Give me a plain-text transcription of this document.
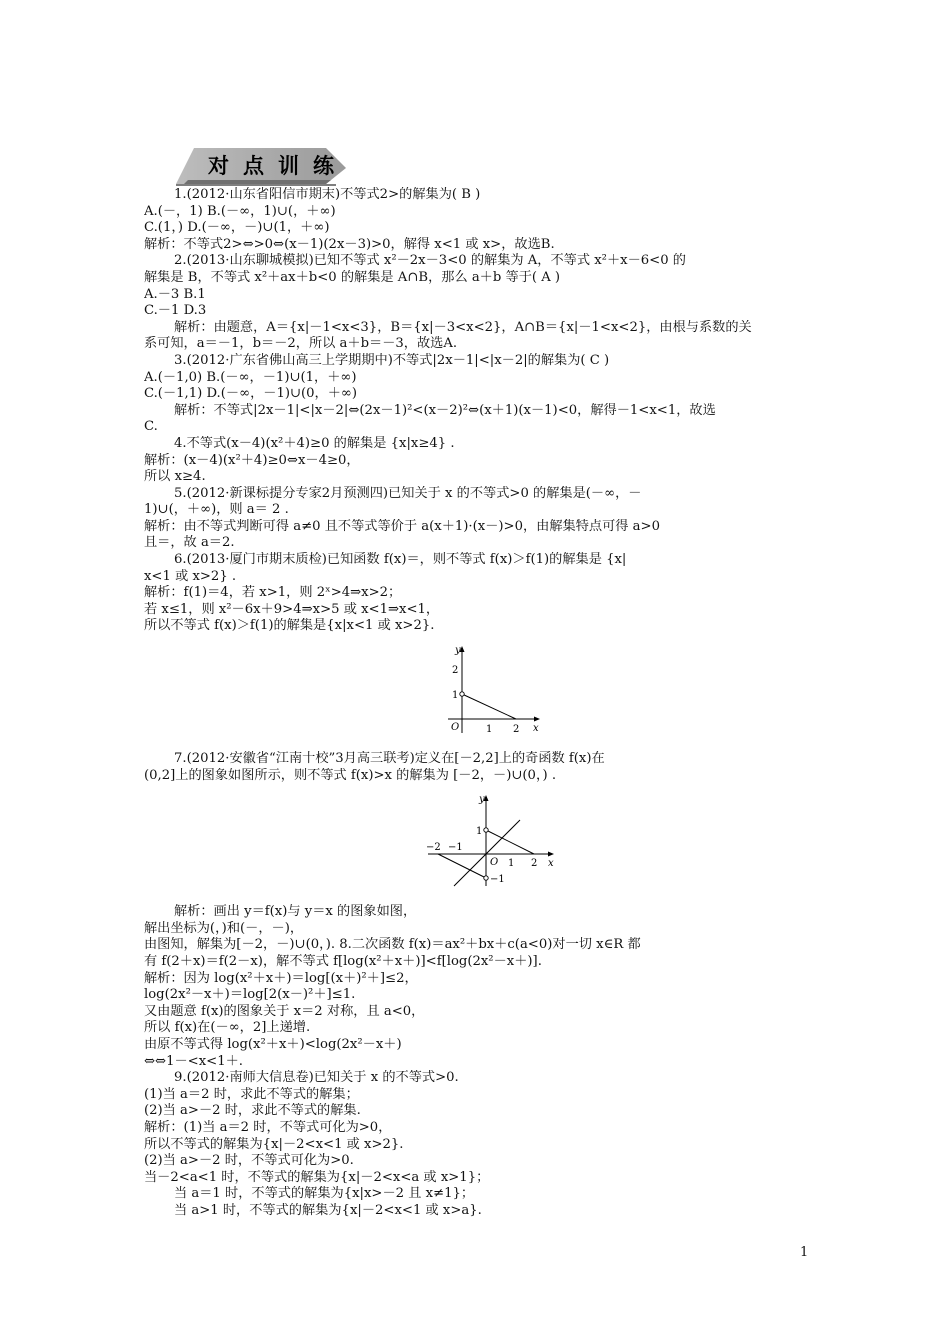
对点训练

1.(2012·山东省阳信市期末)不等式2>的解集为( B )

A.(－，1) B.(－∞，1)∪(，＋∞)

C.(1，) D.(－∞，－)∪(1，＋∞)

解析：不等式2>⇔>0⇔(x－1)(2x－3)>0，解得 x<1 或 x>，故选B.

2.(2013·山东聊城模拟)已知不等式 x²－2x－3<0 的解集为 A，不等式 x²＋x－6<0 的

解集是 B，不等式 x²＋ax＋b<0 的解集是 A∩B，那么 a＋b 等于( A )

A.－3 B.1

C.－1 D.3

解析：由题意，A＝{x|－1<x<3}，B＝{x|－3<x<2}，A∩B＝{x|－1<x<2}，由根与系数的关

系可知，a＝－1，b＝－2，所以 a＋b＝－3，故选A.

3.(2012·广东省佛山高三上学期期中)不等式|2x－1|<|x－2|的解集为( C )

A.(－1,0) B.(－∞，－1)∪(1，＋∞)

C.(－1,1) D.(－∞，－1)∪(0，＋∞)

解析：不等式|2x－1|<|x－2|⇔(2x－1)²<(x－2)²⇔(x＋1)(x－1)<0，解得－1<x<1，故选

C.

4.不等式(x－4)(x²＋4)≥0 的解集是 {x|x≥4} .

解析：(x－4)(x²＋4)≥0⇔x－4≥0，

所以 x≥4.

5.(2012·新课标提分专家2月预测四)已知关于 x 的不等式>0 的解集是(－∞，－

1)∪(，＋∞)，则 a＝ 2 .

解析：由不等式判断可得 a≠0 且不等式等价于 a(x＋1)·(x－)>0，由解集特点可得 a>0

且＝，故 a＝2.

6.(2013·厦门市期末质检)已知函数 f(x)＝，则不等式 f(x)＞f(1)的解集是 {x|

x<1 或 x>2} .

解析：f(1)＝4，若 x>1，则 2ˣ>4⇒x>2；

若 x≤1，则 x²－6x＋9>4⇒x>5 或 x<1⇒x<1，

所以不等式 f(x)＞f(1)的解集是{x|x<1 或 x>2}.

y
x
O	1 2
1
2

7.(2012·安徽省“江南十校”3月高三联考)定义在[－2,2]上的奇函数 f(x)在

(0,2]上的图象如图所示，则不等式 f(x)>x 的解集为 [－2，－)∪(0，) .

y
x
O
−2 −1
1 2
1
−1

解析：画出 y＝f(x)与 y＝x 的图象如图，

解出坐标为(，)和(－，－)，

由图知，解集为[－2，－)∪(0，). 8.二次函数 f(x)＝ax²＋bx＋c(a<0)对一切 x∈R 都

有 f(2＋x)＝f(2－x)，解不等式 f[log(x²＋x＋)]<f[log(2x²－x＋)].

解析：因为 log(x²＋x＋)＝log[(x＋)²＋]≤2，

log(2x²－x＋)＝log[2(x－)²＋]≤1.

又由题意 f(x)的图象关于 x＝2 对称，且 a<0，

所以 f(x)在(－∞，2]上递增.

由原不等式得 log(x²＋x＋)<log(2x²－x＋)

⇔⇔1－<x<1＋.

9.(2012·南师大信息卷)已知关于 x 的不等式>0.

(1)当 a＝2 时，求此不等式的解集；

(2)当 a>－2 时，求此不等式的解集.

解析：(1)当 a＝2 时，不等式可化为>0，

所以不等式的解集为{x|－2<x<1 或 x>2}.

(2)当 a>－2 时，不等式可化为>0.

当－2<a<1 时，不等式的解集为{x|－2<x<a 或 x>1}；

当 a＝1 时，不等式的解集为{x|x>－2 且 x≠1}；

当 a>1 时，不等式的解集为{x|－2<x<1 或 x>a}.

1
